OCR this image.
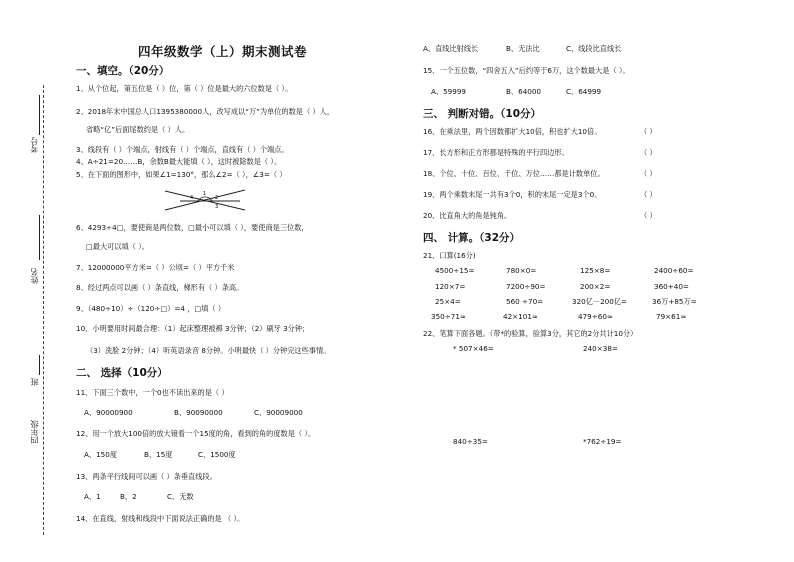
考号
姓名
班
四年级
四年级数学（上）期末测试卷
一、填空。（20分）
1、从个位起，第五位是（ ）位，第（ ）位是最大的六位数是（ ）。
2、2018年末中国总人口1395380000人，改写成以“万”为单位的数是（ ）人，
省略“亿”后面尾数约是（ ）人。
3、线段有（ ）个端点，射线有（ ）个端点，直线有（ ）个端点。
4、A÷21=20……B，余数B最大能填（ ），这时被除数是（ ）。
5、在下面的图形中，如果∠1=130°，那么∠2=（ ），∠3=（ ）
1
2
3
4
6、4293÷4□，要使商是两位数，□最小可以填（ ），要使商是三位数，
□最大可以填（ ）。
7、12000000平方米=（ ）公顷=（ ）平方千米
8、经过两点可以画（ ）条直线，梯形有（ ）条高。
9、（480÷10）÷（120÷□）=4 ，□填（ ）
10、小明要用时间最合理：（1）起床整理被褥 3分钟；（2）刷牙 3分钟；
（3）洗脸 2分钟；（4）听英语录音 8分钟。小明最快（ ）分钟完这些事情。
二、 选择（10分）
11、下面三个数中，一个0也不读出来的是（ ）
A、90000900	B、90090000	C、90009000
12、用一个放大100倍的放大镜看一个15度的角，看到的角的度数是（ ）。
A、150度	B、15度	C、1500度
13、两条平行线间可以画（ ）条垂直线段。
A、1	B、2	C、无数
14、在直线、射线和线段中下面说法正确的是 （ ）。
A、直线比射线长	B、无法比	C、线段比直线长
15、一个五位数，“四舍五入”后约等于6万，这个数最大是（ ）。
A、59999	B、64000	C、64999
三、 判断对错。（10分）
16、在乘法里，两个因数都扩大10倍，积也扩大10倍。	（ ）
17、长方形和正方形都是特殊的平行四边形。	（ ）
18、个位、十位、百位、千位、万位……都是计数单位。	（ ）
19、两个乘数末尾一共有3个0，积的末尾一定是3个0。	（ ）
20、比直角大的角是钝角。	（ ）
四、 计算。（32分）
21、口算(16分)
4500÷15=	780×0=	125×8=	2400÷60=
120×7=	7200÷90=	200×2=	360+40=
25×4=	560 ÷70=	320亿－200亿=	36万+85万=
350÷71≈	42×101≈	479÷60≈	79×61≈
22、笔算下面各题。（带*的验算，验算3分，其它的2分共计10分）
* 507×46=	240×38=
840÷35=	*762÷19=
